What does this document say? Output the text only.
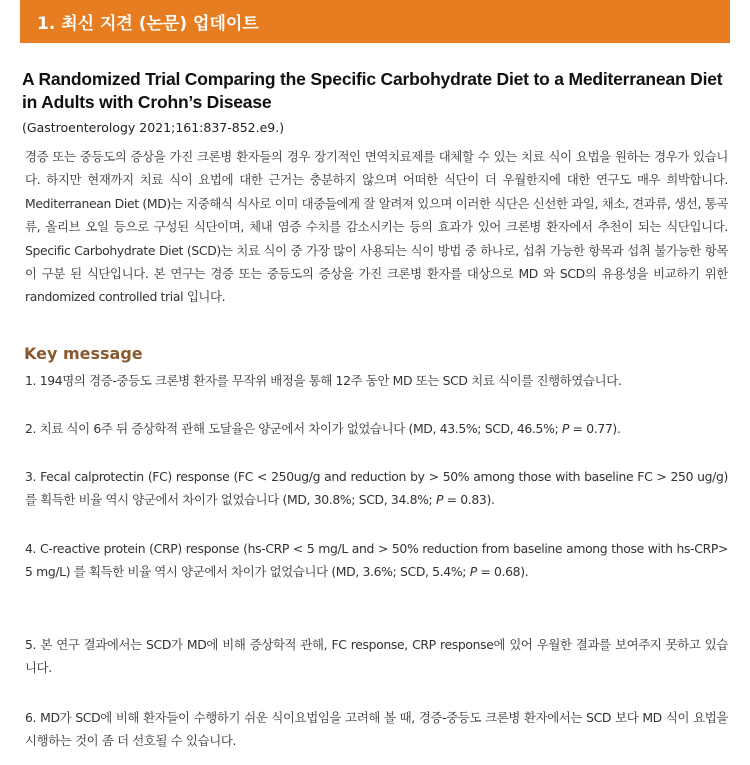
1. 최신 지견 (논문) 업데이트
A Randomized Trial Comparing the Specific Carbohydrate Diet to a Mediterranean Diet in Adults with Crohn’s Disease
(Gastroenterology 2021;161:837-852.e9.)

경증 또는 중등도의 증상을 가진 크론병 환자들의 경우 장기적인 면역치료제를 대체할 수 있는 치료 식이 요법을 원하는 경우가 있습니다. 하지만 현재까지 치료 식이 요법에 대한 근거는 충분하지 않으며 어떠한 식단이 더 우월한지에 대한 연구도 매우 희박합니다. Mediterranean Diet (MD)는 지중해식 식사로 이미 대중들에게 잘 알려져 있으며 이러한 식단은 신선한 과일, 채소, 견과류, 생선, 통곡류, 올리브 오일 등으로 구성된 식단이며, 체내 염증 수치를 감소시키는 등의 효과가 있어 크론병 환자에서 추천이 되는 식단입니다. Specific Carbohydrate Diet (SCD)는 치료 식이 중 가장 많이 사용되는 식이 방법 중 하나로, 섭취 가능한 항목과 섭취 불가능한 항목이 구분 된 식단입니다. 본 연구는 경증 또는 중등도의 증상을 가진 크론병 환자를 대상으로 MD 와 SCD의 유용성을 비교하기 위한 randomized controlled trial 입니다.

Key message

1. 194명의 경증-중등도 크론병 환자를 무작위 배정을 통해 12주 동안 MD 또는 SCD 치료 식이를 진행하였습니다.

2. 치료 식이 6주 뒤 증상학적 관해 도달율은 양군에서 차이가 없었습니다 (MD, 43.5%; SCD, 46.5%; P = 0.77).

3. Fecal calprotectin (FC) response (FC < 250ug/g and reduction by > 50% among those with baseline FC > 250 ug/g) 를 획득한 비율 역시 양군에서 차이가 없었습니다 (MD, 30.8%; SCD, 34.8%; P = 0.83).

4. C-reactive protein (CRP) response (hs-CRP < 5 mg/L and > 50% reduction from baseline among those with hs-CRP> 5 mg/L) 를 획득한 비율 역시 양군에서 차이가 없었습니다 (MD, 3.6%; SCD, 5.4%; P = 0.68).

5. 본 연구 결과에서는 SCD가 MD에 비해 증상학적 관해, FC response, CRP response에 있어 우월한 결과를 보여주지 못하고 있습니다.

6. MD가 SCD에 비해 환자들이 수행하기 쉬운 식이요법임을 고려해 볼 때, 경증-중등도 크론병 환자에서는 SCD 보다 MD 식이 요법을 시행하는 것이 좀 더 선호될 수 있습니다.
